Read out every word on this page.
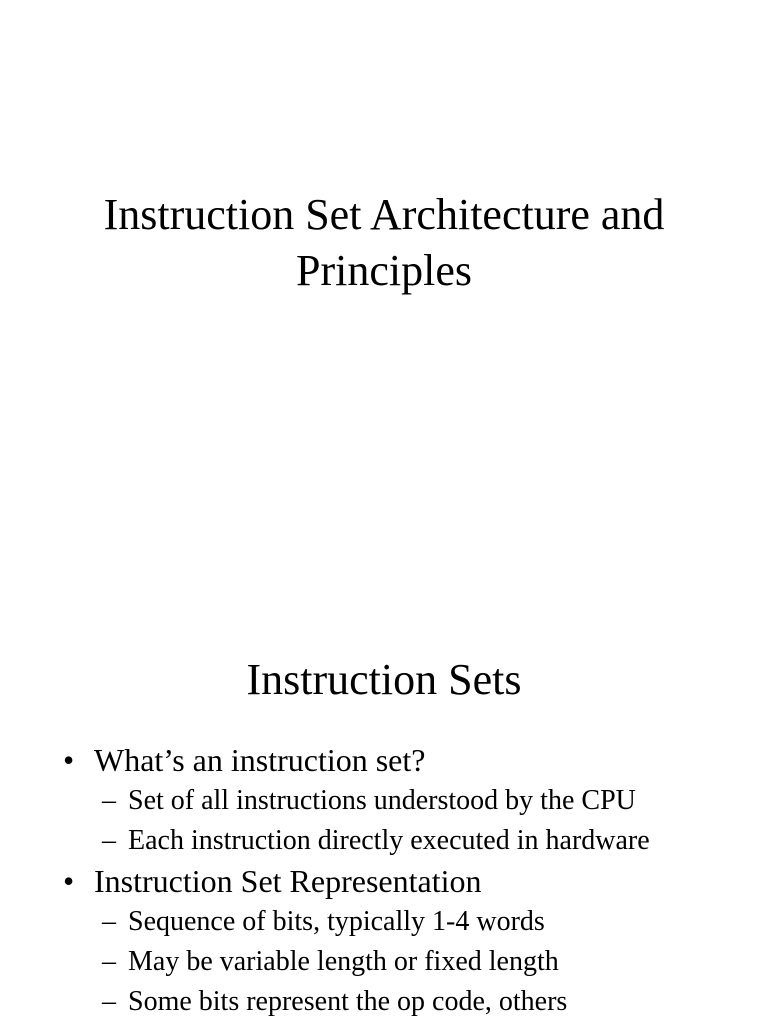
Instruction Set Architecture and
Principles
Instruction Sets
• What’s an instruction set?
– Set of all instructions understood by the CPU
– Each instruction directly executed in hardware
• Instruction Set Representation
– Sequence of bits, typically 1-4 words
– May be variable length or fixed length
– Some bits represent the op code, others
